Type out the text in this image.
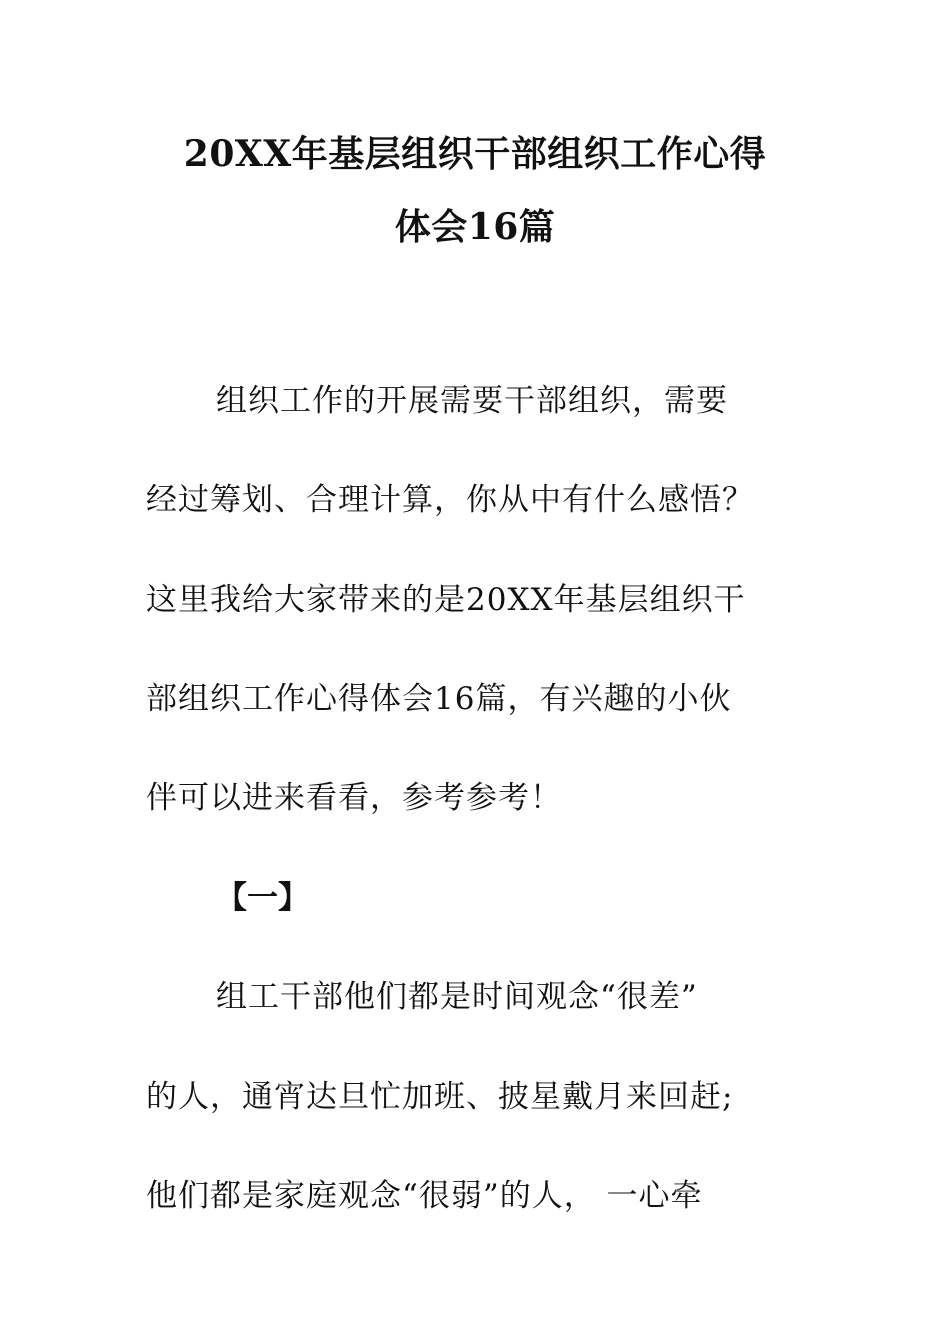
20XX年基层组织干部组织工作心得
体会16篇
组织工作的开展需要干部组织，需要
经过筹划、合理计算，你从中有什么感悟？
这里我给大家带来的是20XX年基层组织干
部组织工作心得体会16篇，有兴趣的小伙
伴可以进来看看，参考参考！
【一】
组工干部他们都是时间观念“很差”
的人，通宵达旦忙加班、披星戴月来回赶;
他们都是家庭观念“很弱”的人， 一心牵
